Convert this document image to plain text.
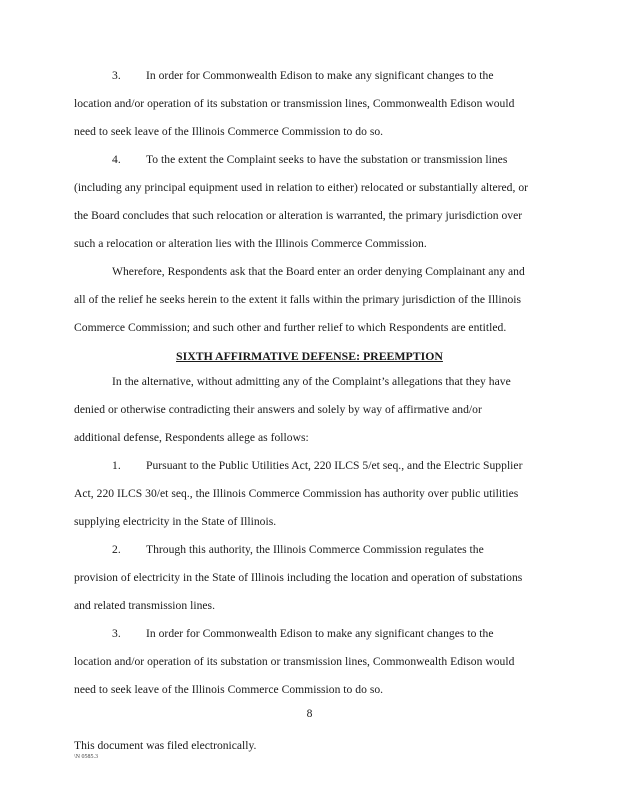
3. In order for Commonwealth Edison to make any significant changes to the
location and/or operation of its substation or transmission lines, Commonwealth Edison would
need to seek leave of the Illinois Commerce Commission to do so.
4. To the extent the Complaint seeks to have the substation or transmission lines
(including any principal equipment used in relation to either) relocated or substantially altered, or
the Board concludes that such relocation or alteration is warranted, the primary jurisdiction over
such a relocation or alteration lies with the Illinois Commerce Commission.
Wherefore, Respondents ask that the Board enter an order denying Complainant any and
all of the relief he seeks herein to the extent it falls within the primary jurisdiction of the Illinois
Commerce Commission; and such other and further relief to which Respondents are entitled.
SIXTH AFFIRMATIVE DEFENSE: PREEMPTION
In the alternative, without admitting any of the Complaint’s allegations that they have
denied or otherwise contradicting their answers and solely by way of affirmative and/or
additional defense, Respondents allege as follows:
1. Pursuant to the Public Utilities Act, 220 ILCS 5/et seq., and the Electric Supplier
Act, 220 ILCS 30/et seq., the Illinois Commerce Commission has authority over public utilities
supplying electricity in the State of Illinois.
2. Through this authority, the Illinois Commerce Commission regulates the
provision of electricity in the State of Illinois including the location and operation of substations
and related transmission lines.
3. In order for Commonwealth Edison to make any significant changes to the
location and/or operation of its substation or transmission lines, Commonwealth Edison would
need to seek leave of the Illinois Commerce Commission to do so.
8
This document was filed electronically.
\N 0585.3
